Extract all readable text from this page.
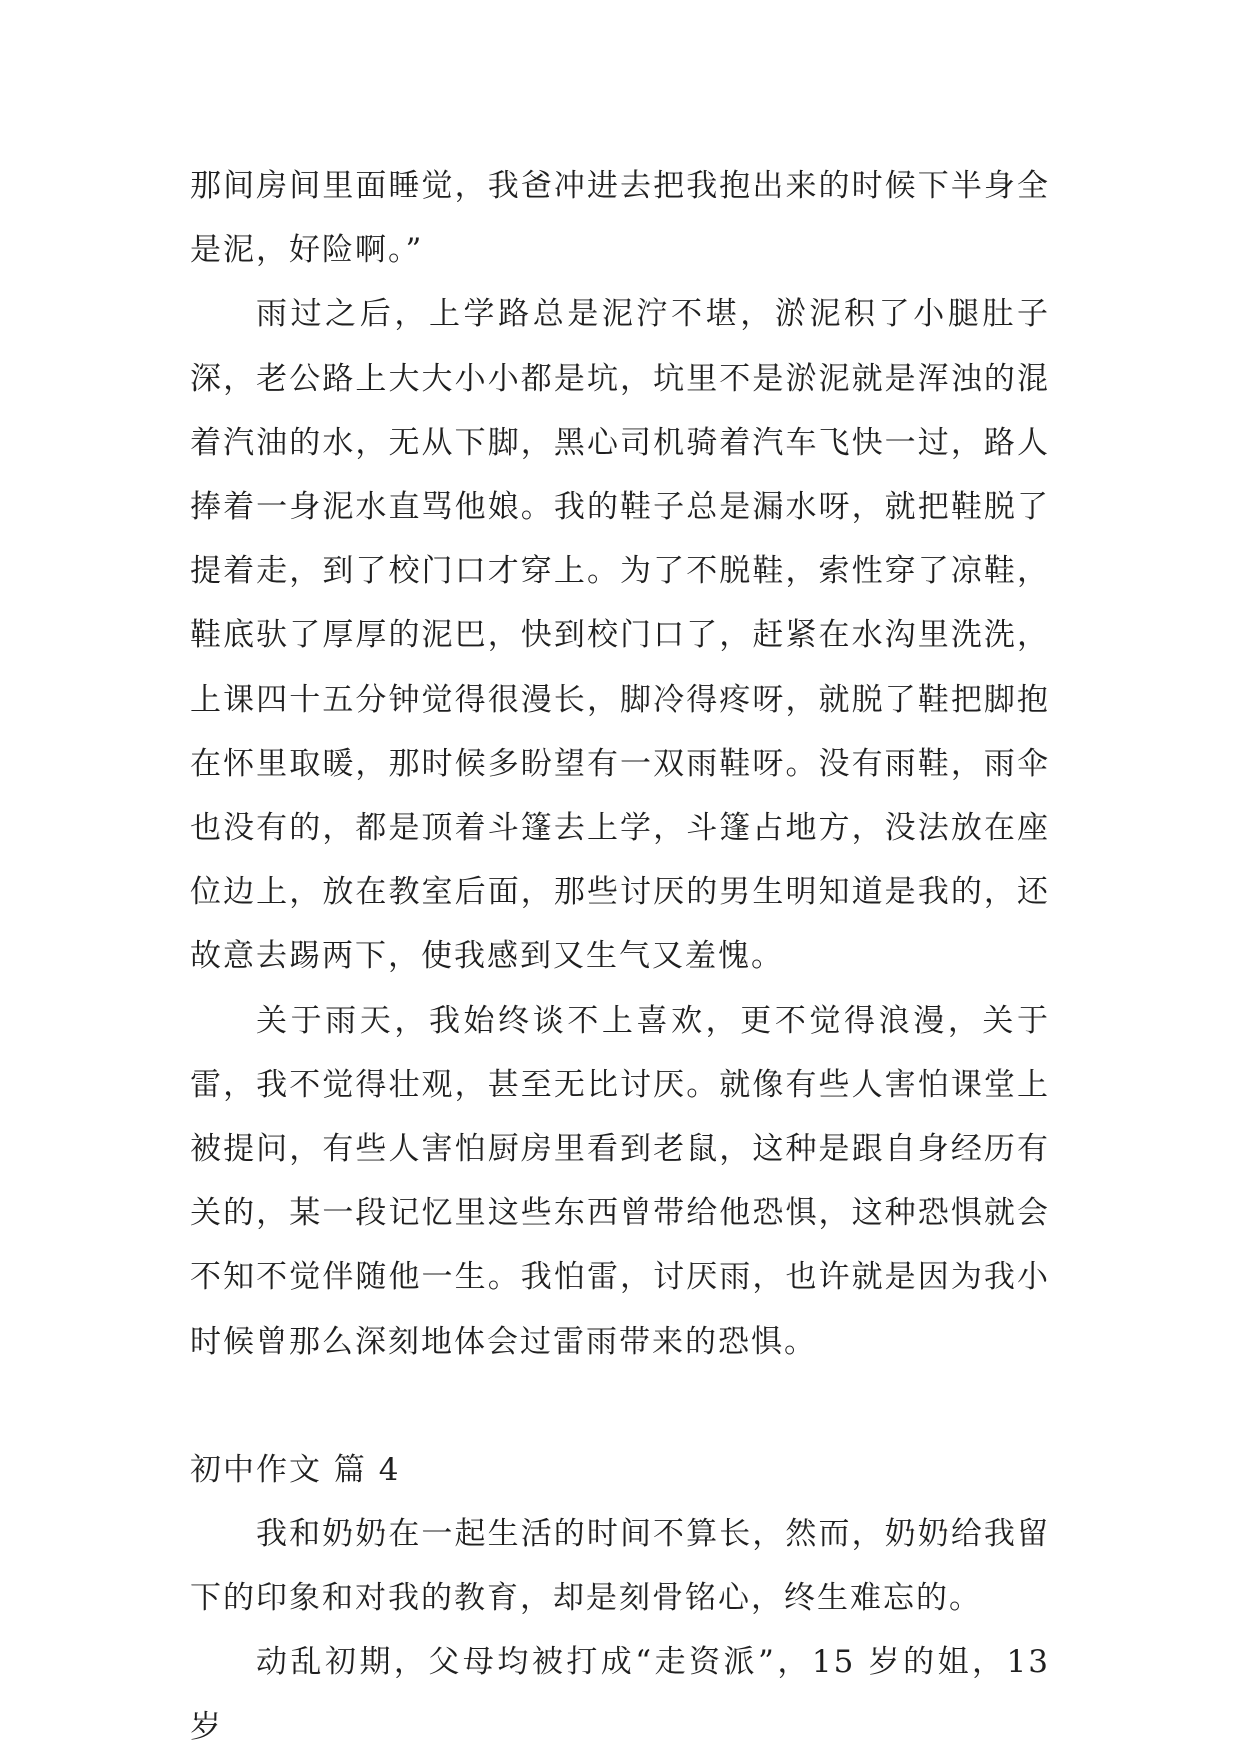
那间房间里面睡觉，我爸冲进去把我抱出来的时候下半身全是泥，好险啊。”

雨过之后，上学路总是泥泞不堪，淤泥积了小腿肚子深，老公路上大大小小都是坑，坑里不是淤泥就是浑浊的混着汽油的水，无从下脚，黑心司机骑着汽车飞快一过，路人捧着一身泥水直骂他娘。我的鞋子总是漏水呀，就把鞋脱了提着走，到了校门口才穿上。为了不脱鞋，索性穿了凉鞋，鞋底驮了厚厚的泥巴，快到校门口了，赶紧在水沟里洗洗，上课四十五分钟觉得很漫长，脚冷得疼呀，就脱了鞋把脚抱在怀里取暖，那时候多盼望有一双雨鞋呀。没有雨鞋，雨伞也没有的，都是顶着斗篷去上学，斗篷占地方，没法放在座位边上，放在教室后面，那些讨厌的男生明知道是我的，还故意去踢两下，使我感到又生气又羞愧。

关于雨天，我始终谈不上喜欢，更不觉得浪漫，关于雷，我不觉得壮观，甚至无比讨厌。就像有些人害怕课堂上被提问，有些人害怕厨房里看到老鼠，这种是跟自身经历有关的，某一段记忆里这些东西曾带给他恐惧，这种恐惧就会不知不觉伴随他一生。我怕雷，讨厌雨，也许就是因为我小时候曾那么深刻地体会过雷雨带来的恐惧。

初中作文 篇 4

我和奶奶在一起生活的时间不算长，然而，奶奶给我留下的印象和对我的教育，却是刻骨铭心，终生难忘的。

动乱初期，父母均被打成“走资派”，15 岁的姐，13 岁
